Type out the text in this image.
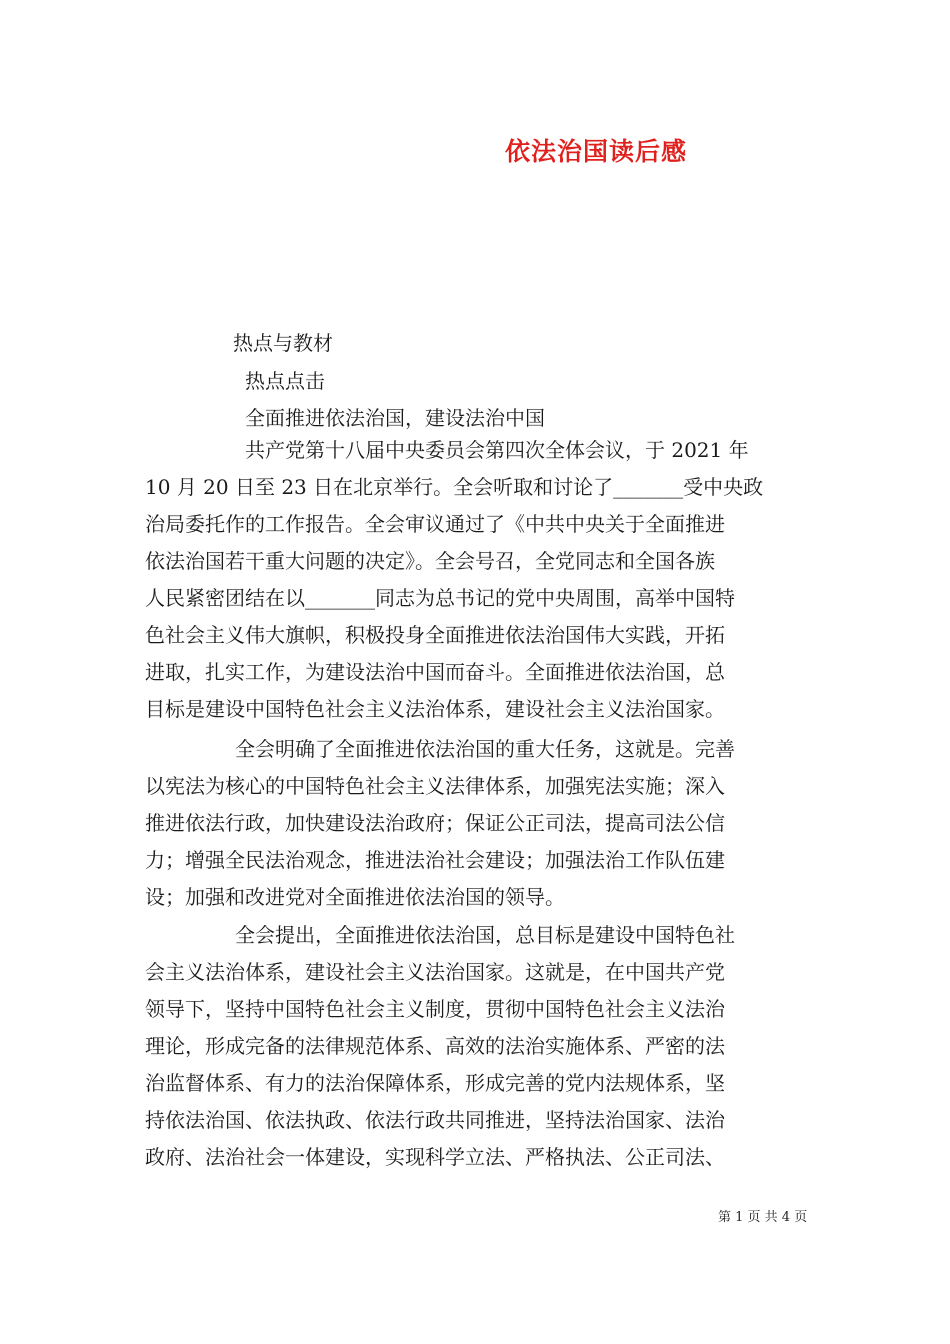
依法治国读后感
热点与教材
热点点击
全面推进依法治国，建设法治中国
共产党第十八届中央委员会第四次全体会议，于 2021 年
10 月 20 日至 23 日在北京举行。全会听取和讨论了_______受中央政
治局委托作的工作报告。全会审议通过了《中共中央关于全面推进
依法治国若干重大问题的决定》。全会号召，全党同志和全国各族
人民紧密团结在以_______同志为总书记的党中央周围，高举中国特
色社会主义伟大旗帜，积极投身全面推进依法治国伟大实践，开拓
进取，扎实工作，为建设法治中国而奋斗。全面推进依法治国，总
目标是建设中国特色社会主义法治体系，建设社会主义法治国家。
全会明确了全面推进依法治国的重大任务，这就是。完善
以宪法为核心的中国特色社会主义法律体系，加强宪法实施；深入
推进依法行政，加快建设法治政府；保证公正司法，提高司法公信
力；增强全民法治观念，推进法治社会建设；加强法治工作队伍建
设；加强和改进党对全面推进依法治国的领导。
全会提出，全面推进依法治国，总目标是建设中国特色社
会主义法治体系，建设社会主义法治国家。这就是，在中国共产党
领导下，坚持中国特色社会主义制度，贯彻中国特色社会主义法治
理论，形成完备的法律规范体系、高效的法治实施体系、严密的法
治监督体系、有力的法治保障体系，形成完善的党内法规体系，坚
持依法治国、依法执政、依法行政共同推进，坚持法治国家、法治
政府、法治社会一体建设，实现科学立法、严格执法、公正司法、
第 1 页 共 4 页
